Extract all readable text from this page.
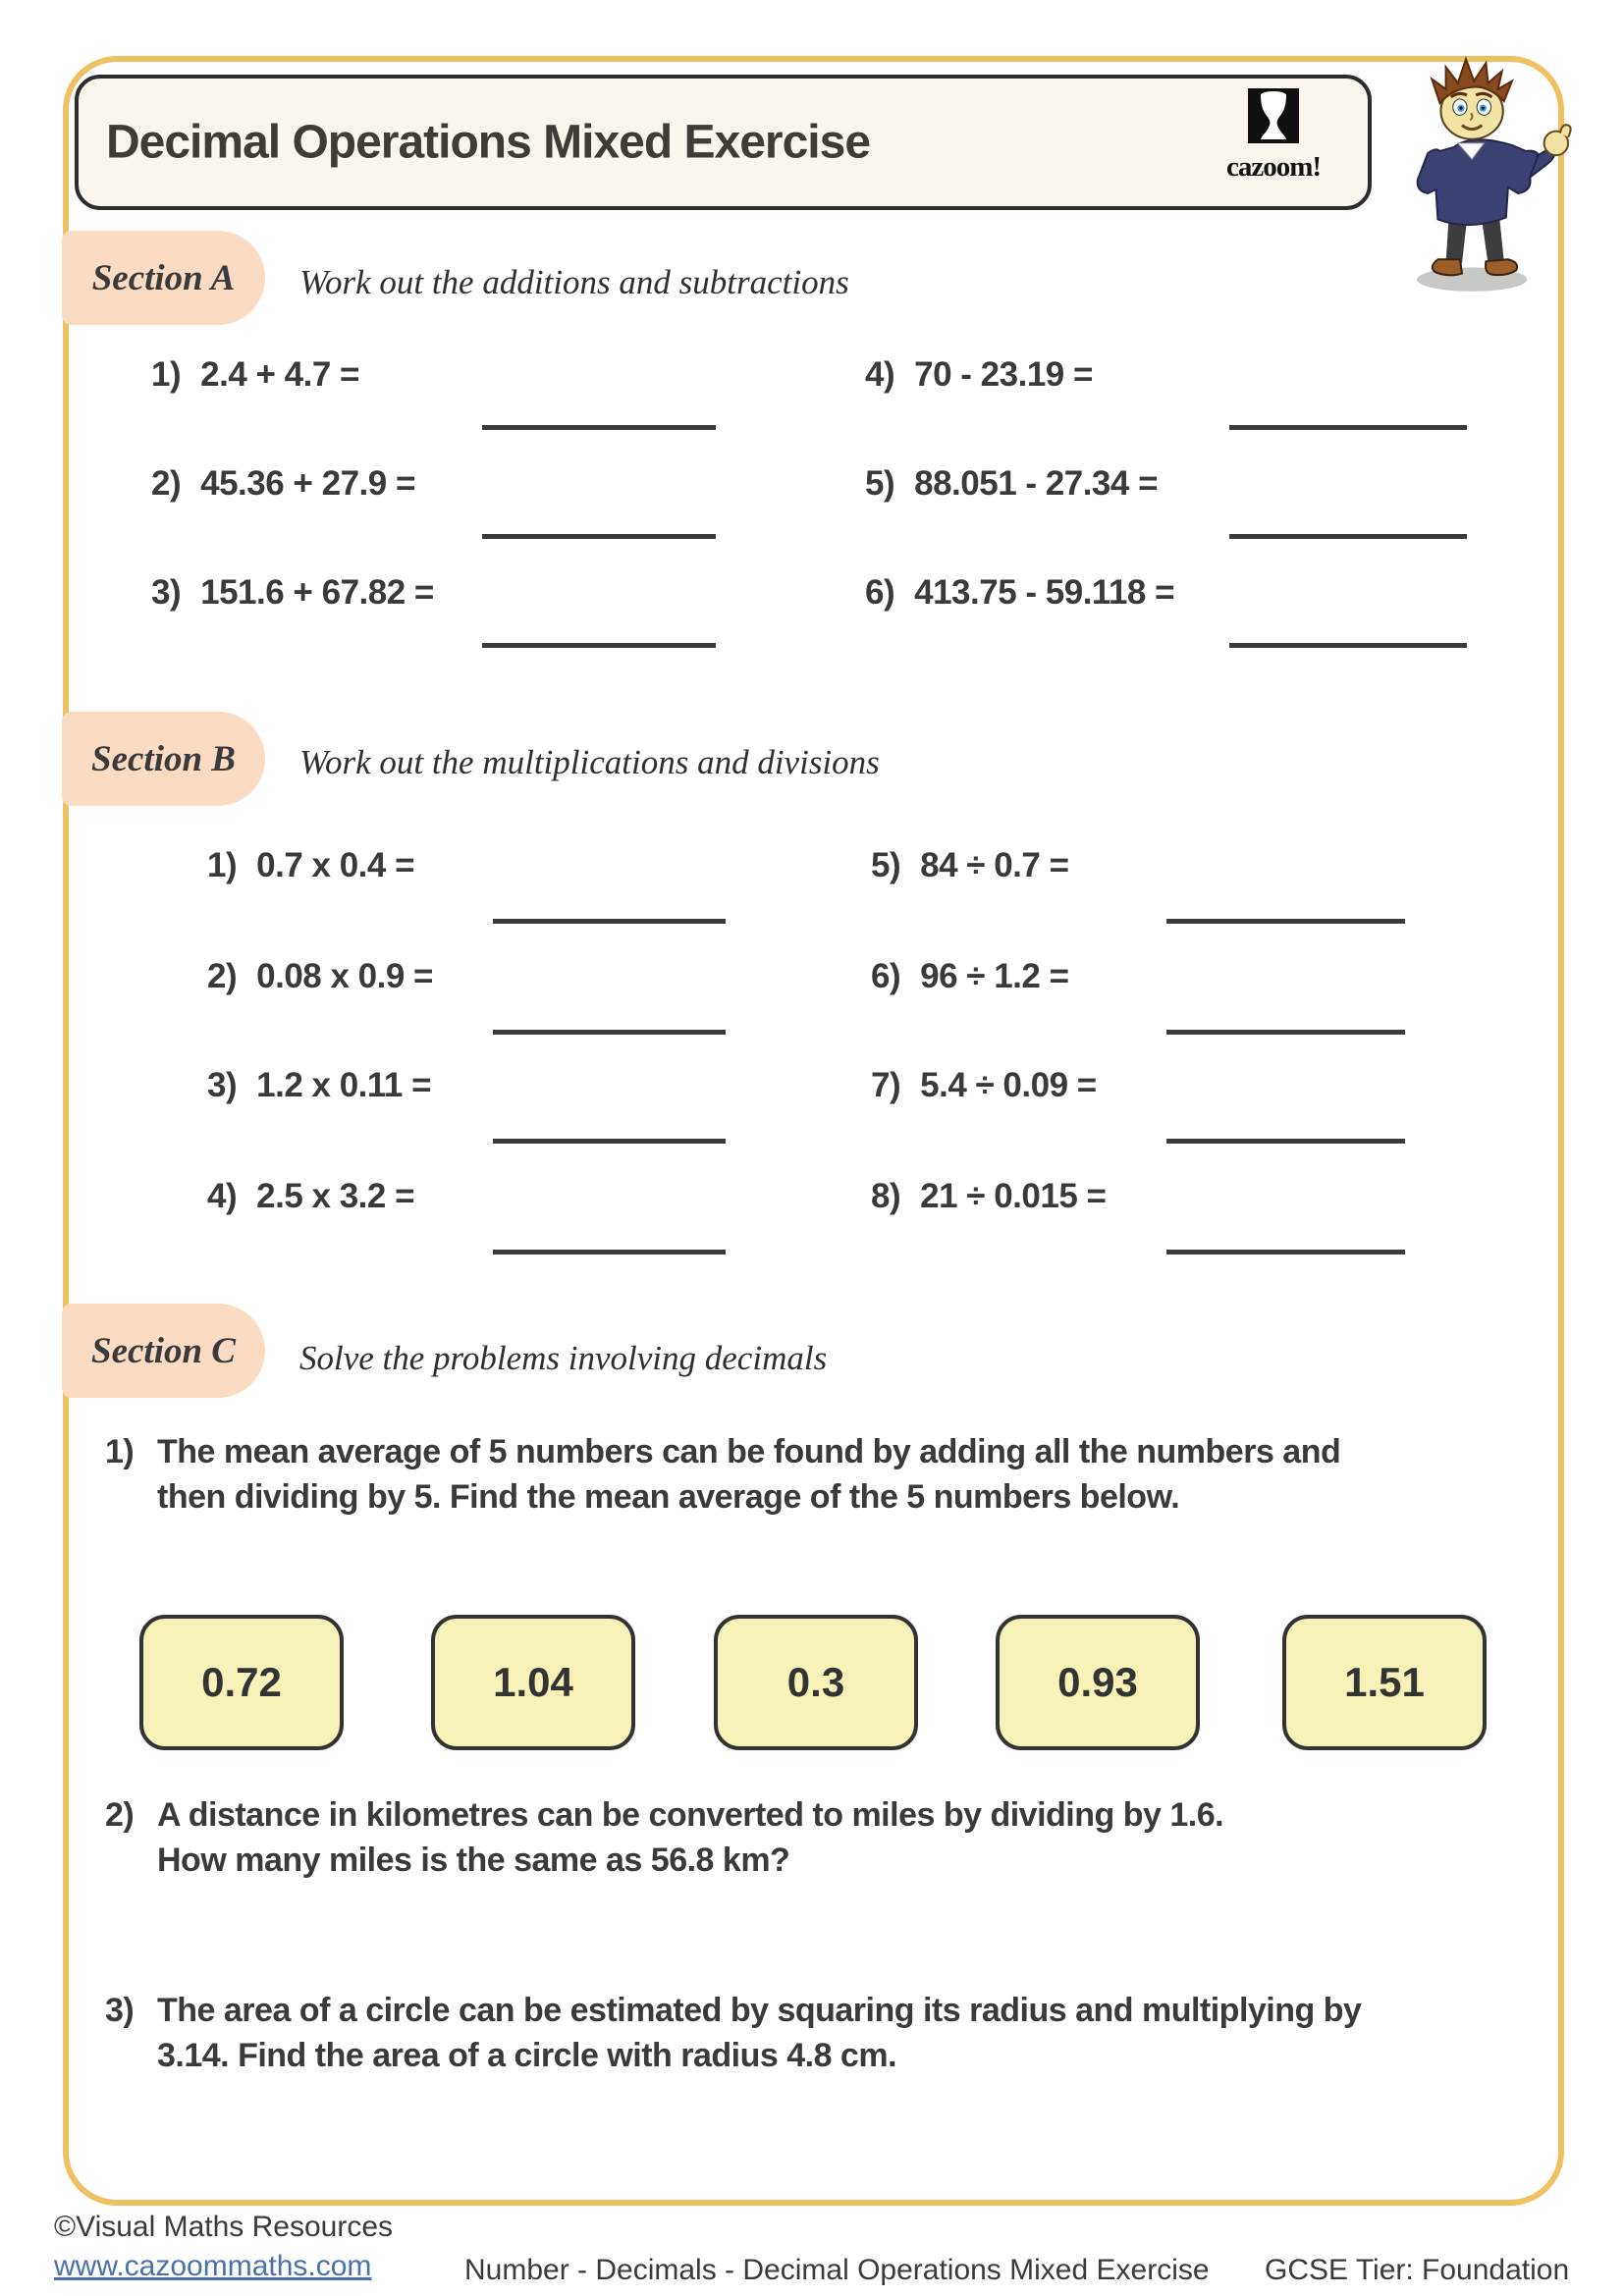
Decimal Operations Mixed Exercise	cazoom!
Section A Work out the additions and subtractions
1) 2.4 + 4.7 =
2) 45.36 + 27.9 =
3) 151.6 + 67.82 =
4) 70 - 23.19 =
5) 88.051 - 27.34 =
6) 413.75 - 59.118 =
Section B Work out the multiplications and divisions
1) 0.7 x 0.4 =
2) 0.08 x 0.9 =
3) 1.2 x 0.11 =
4) 2.5 x 3.2 =
5) 84 ÷ 0.7 =
6) 96 ÷ 1.2 =
7) 5.4 ÷ 0.09 =
8) 21 ÷ 0.015 =
Section C Solve the problems involving decimals
1) The mean average of 5 numbers can be found by adding all the numbers and
then dividing by 5. Find the mean average of the 5 numbers below.
0.72	1.04	0.3	0.93	1.51
2) A distance in kilometres can be converted to miles by dividing by 1.6.
How many miles is the same as 56.8 km?
3) The area of a circle can be estimated by squaring its radius and multiplying by
3.14. Find the area of a circle with radius 4.8 cm.
©Visual Maths Resources
www.cazoommaths.com	Number - Decimals - Decimal Operations Mixed Exercise GCSE Tier: Foundation
